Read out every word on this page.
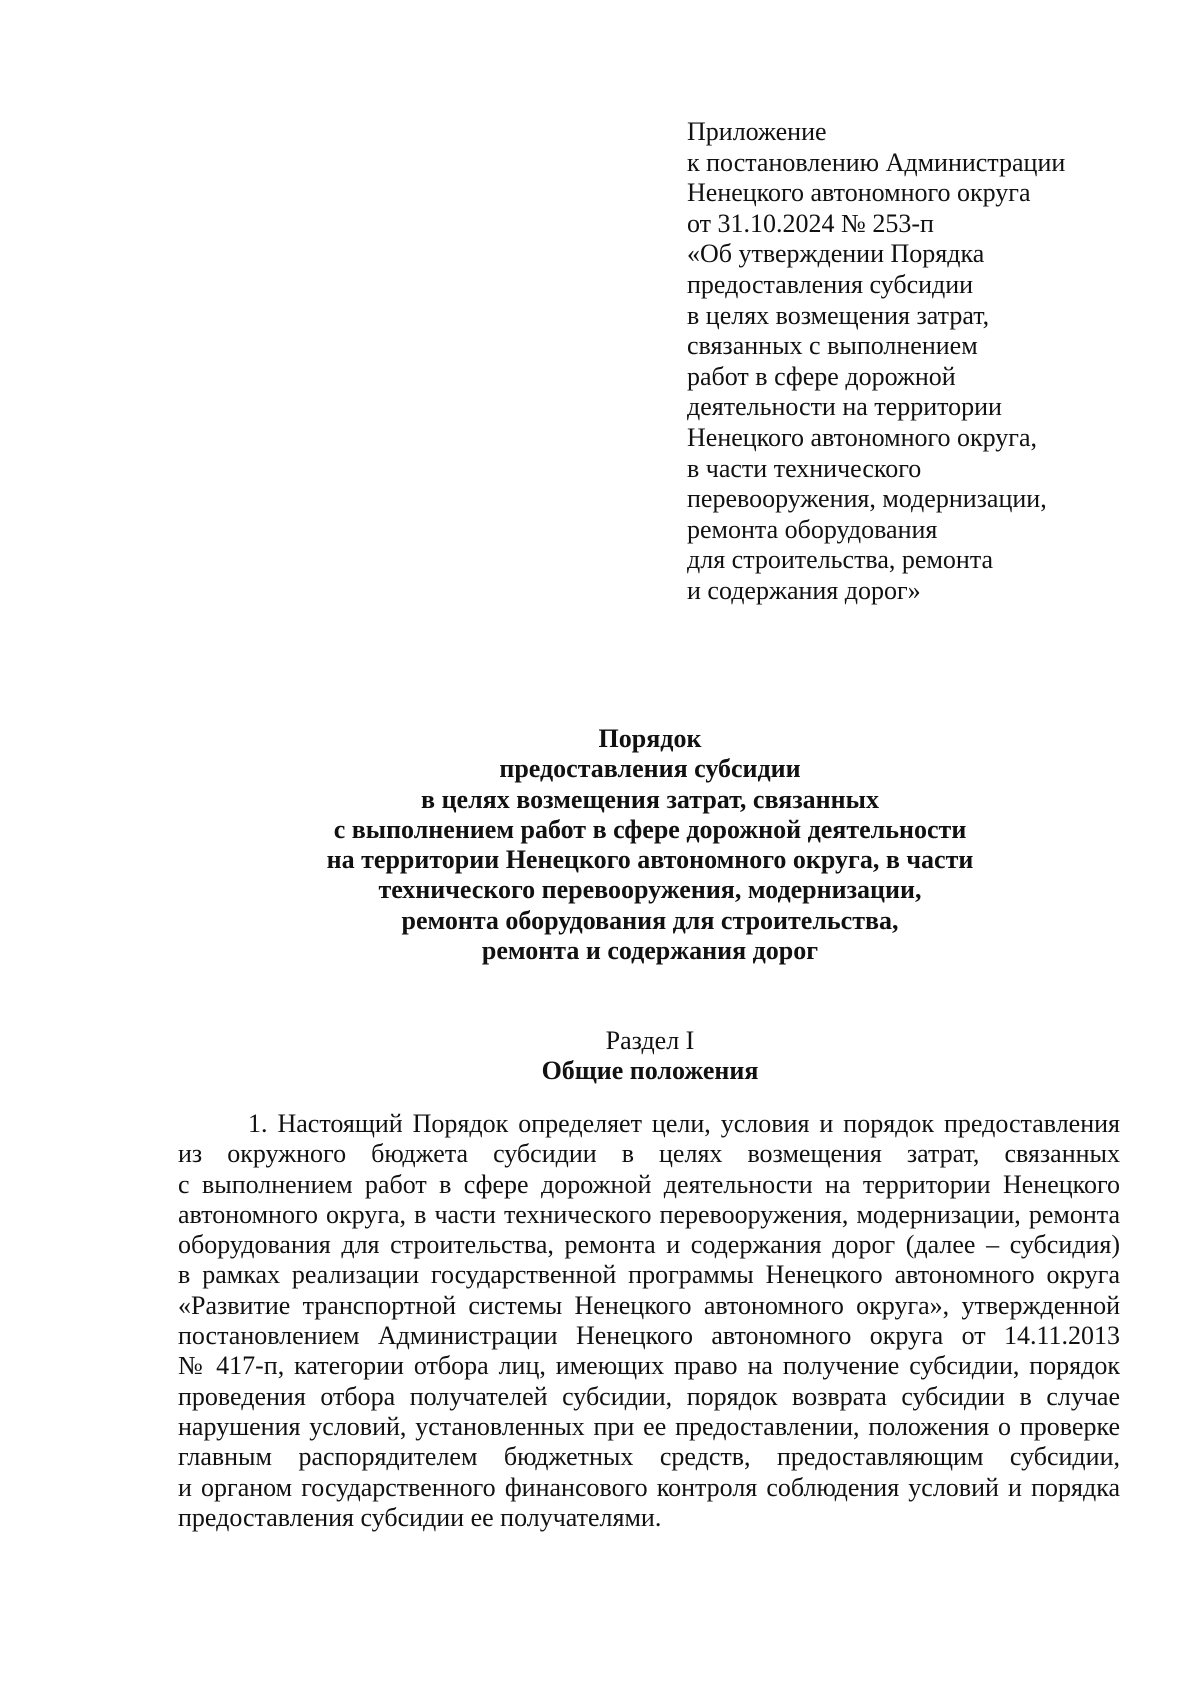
Приложение
к постановлению Администрации
Ненецкого автономного округа
от 31.10.2024 № 253-п
«Об утверждении Порядка
предоставления субсидии
в целях возмещения затрат,
связанных с выполнением
работ в сфере дорожной
деятельности на территории
Ненецкого автономного округа,
в части технического
перевооружения, модернизации,
ремонта оборудования
для строительства, ремонта
и содержания дорог»
Порядок
предоставления субсидии
в целях возмещения затрат, связанных
с выполнением работ в сфере дорожной деятельности
на территории Ненецкого автономного округа, в части
технического перевооружения, модернизации,
ремонта оборудования для строительства,
ремонта и содержания дорог
Раздел I
Общие положения
1. Настоящий Порядок определяет цели, условия и порядок предоставления
из окружного бюджета субсидии в целях возмещения затрат, связанных
с выполнением работ в сфере дорожной деятельности на территории Ненецкого
автономного округа, в части технического перевооружения, модернизации, ремонта
оборудования для строительства, ремонта и содержания дорог (далее – субсидия)
в рамках реализации государственной программы Ненецкого автономного округа
«Развитие транспортной системы Ненецкого автономного округа», утвержденной
постановлением Администрации Ненецкого автономного округа от 14.11.2013
№ 417-п, категории отбора лиц, имеющих право на получение субсидии, порядок
проведения отбора получателей субсидии, порядок возврата субсидии в случае
нарушения условий, установленных при ее предоставлении, положения о проверке
главным распорядителем бюджетных средств, предоставляющим субсидии,
и органом государственного финансового контроля соблюдения условий и порядка
предоставления субсидии ее получателями.
